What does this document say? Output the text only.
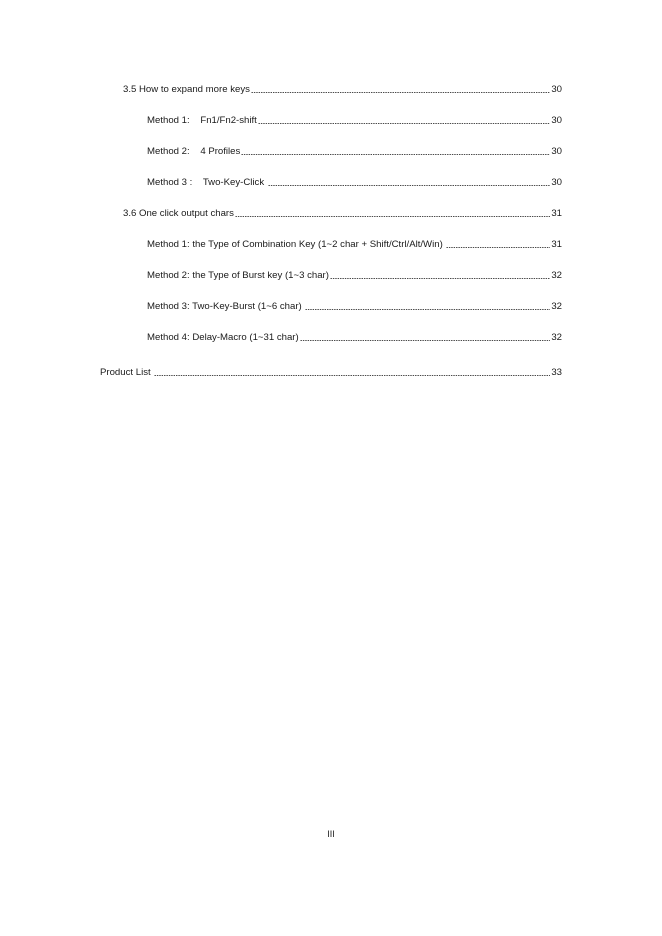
3.5 How to expand more keys	30
Method 1:    Fn1/Fn2-shift	30
Method 2:    4 Profiles	30
Method 3 :    Two-Key-Click	30
3.6 One click output chars	31
Method 1: the Type of Combination Key (1~2 char + Shift/Ctrl/Alt/Win)	31
Method 2: the Type of Burst key (1~3 char)	32
Method 3: Two-Key-Burst (1~6 char)	32
Method 4: Delay-Macro (1~31 char)	32
Product List	33
III
